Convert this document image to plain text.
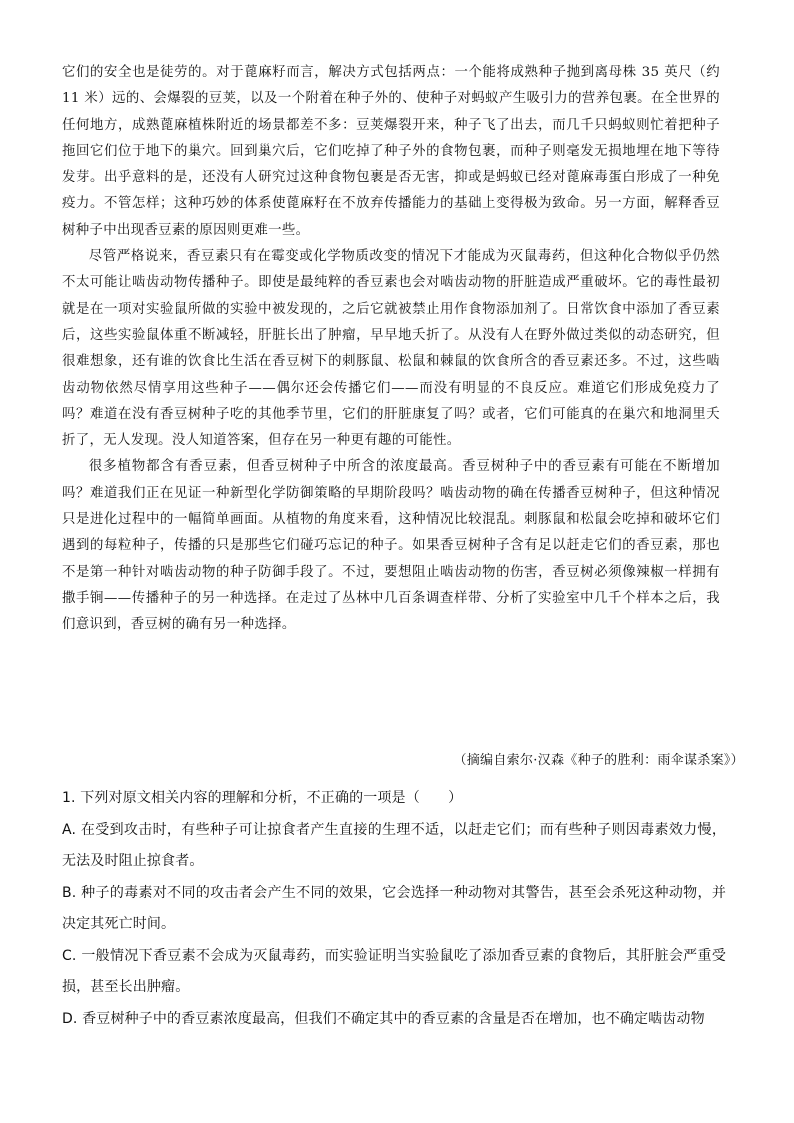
它们的安全也是徒劳的。对于蓖麻籽而言，解决方式包括两点：一个能将成熟种子抛到离母株 35 英尺（约 11 米）远的、会爆裂的豆荚，以及一个附着在种子外的、使种子对蚂蚁产生吸引力的营养包裹。在全世界的任何地方，成熟蓖麻植株附近的场景都差不多：豆荚爆裂开来，种子飞了出去，而几千只蚂蚁则忙着把种子拖回它们位于地下的巢穴。回到巢穴后，它们吃掉了种子外的食物包裹，而种子则毫发无损地埋在地下等待发芽。出乎意料的是，还没有人研究过这种食物包裹是否无害，抑或是蚂蚁已经对蓖麻毒蛋白形成了一种免疫力。不管怎样；这种巧妙的体系使蓖麻籽在不放弃传播能力的基础上变得极为致命。另一方面，解释香豆树种子中出现香豆素的原因则更难一些。

尽管严格说来，香豆素只有在霉变或化学物质改变的情况下才能成为灭鼠毒药，但这种化合物似乎仍然不太可能让啮齿动物传播种子。即使是最纯粹的香豆素也会对啮齿动物的肝脏造成严重破坏。它的毒性最初就是在一项对实验鼠所做的实验中被发现的，之后它就被禁止用作食物添加剂了。日常饮食中添加了香豆素后，这些实验鼠体重不断减轻，肝脏长出了肿瘤，早早地夭折了。从没有人在野外做过类似的动态研究，但很难想象，还有谁的饮食比生活在香豆树下的刺豚鼠、松鼠和棘鼠的饮食所含的香豆素还多。不过，这些啮齿动物依然尽情享用这些种子——偶尔还会传播它们——而没有明显的不良反应。难道它们形成免疫力了吗？难道在没有香豆树种子吃的其他季节里，它们的肝脏康复了吗？或者，它们可能真的在巢穴和地洞里夭折了，无人发现。没人知道答案，但存在另一种更有趣的可能性。

很多植物都含有香豆素，但香豆树种子中所含的浓度最高。香豆树种子中的香豆素有可能在不断增加吗？难道我们正在见证一种新型化学防御策略的早期阶段吗？啮齿动物的确在传播香豆树种子，但这种情况只是进化过程中的一幅简单画面。从植物的角度来看，这种情况比较混乱。刺豚鼠和松鼠会吃掉和破坏它们遇到的每粒种子，传播的只是那些它们碰巧忘记的种子。如果香豆树种子含有足以赶走它们的香豆素，那也不是第一种针对啮齿动物的种子防御手段了。不过，要想阻止啮齿动物的伤害，香豆树必须像辣椒一样拥有撒手锏——传播种子的另一种选择。在走过了丛林中几百条调查样带、分析了实验室中几千个样本之后，我们意识到，香豆树的确有另一种选择。

（摘编自索尔·汉森《种子的胜利：雨伞谋杀案》）

1. 下列对原文相关内容的理解和分析，不正确的一项是（　　）

A. 在受到攻击时，有些种子可让掠食者产生直接的生理不适，以赶走它们；而有些种子则因毒素效力慢，无法及时阻止掠食者。

B. 种子的毒素对不同的攻击者会产生不同的效果，它会选择一种动物对其警告，甚至会杀死这种动物，并决定其死亡时间。

C. 一般情况下香豆素不会成为灭鼠毒药，而实验证明当实验鼠吃了添加香豆素的食物后，其肝脏会严重受损，甚至长出肿瘤。

D. 香豆树种子中的香豆素浓度最高，但我们不确定其中的香豆素的含量是否在增加，也不确定啮齿动物
